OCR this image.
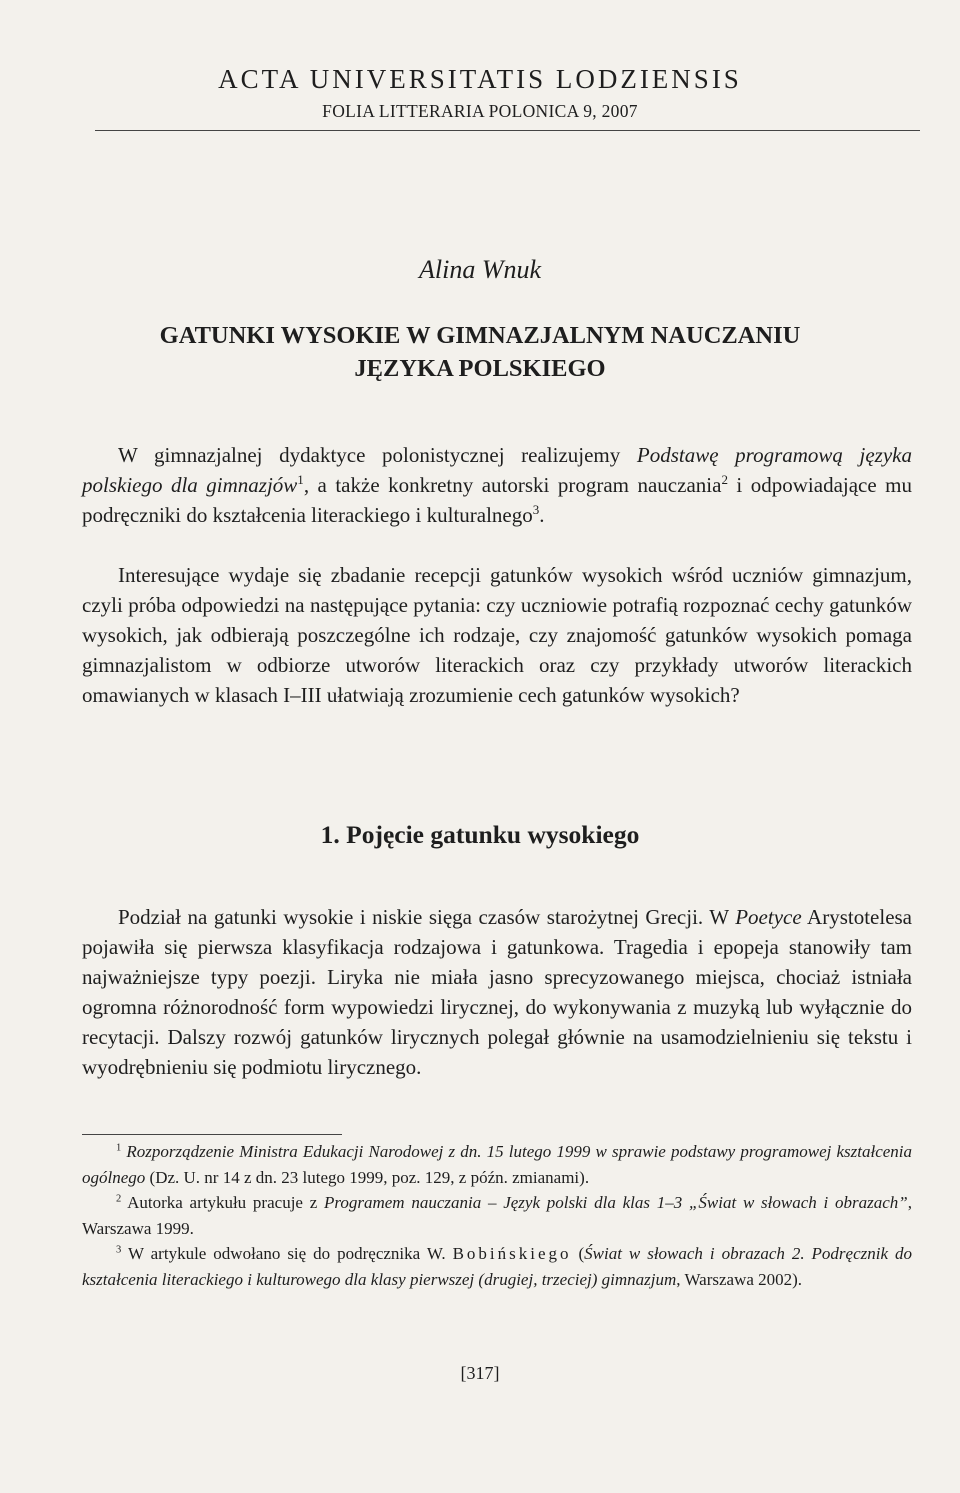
ACTA UNIVERSITATIS LODZIENSIS
FOLIA LITTERARIA POLONICA 9, 2007
Alina Wnuk
GATUNKI WYSOKIE W GIMNAZJALNYM NAUCZANIU
JĘZYKA POLSKIEGO

W gimnazjalnej dydaktyce polonistycznej realizujemy Podstawę programową języka polskiego dla gimnazjów$^1$, a także konkretny autorski program nauczania$^2$ i odpowiadające mu podręczniki do kształcenia literackiego i kulturalnego$^3$.

Interesujące wydaje się zbadanie recepcji gatunków wysokich wśród uczniów gimnazjum, czyli próba odpowiedzi na następujące pytania: czy uczniowie potrafią rozpoznać cechy gatunków wysokich, jak odbierają poszczególne ich rodzaje, czy znajomość gatunków wysokich pomaga gimnazjalistom w odbiorze utworów literackich oraz czy przykłady utworów literackich omawianych w klasach I–III ułatwiają zrozumienie cech gatunków wysokich?

1. Pojęcie gatunku wysokiego

Podział na gatunki wysokie i niskie sięga czasów starożytnej Grecji. W Poetyce Arystotelesa pojawiła się pierwsza klasyfikacja rodzajowa i gatunkowa. Tragedia i epopeja stanowiły tam najważniejsze typy poezji. Liryka nie miała jasno sprecyzowanego miejsca, chociaż istniała ogromna różnorodność form wypowiedzi lirycznej, do wykonywania z muzyką lub wyłącznie do recytacji. Dalszy rozwój gatunków lirycznych polegał głównie na usamodzielnieniu się tekstu i wyodrębnieniu się podmiotu lirycznego.

$^1$ Rozporządzenie Ministra Edukacji Narodowej z dn. 15 lutego 1999 w sprawie podstawy programowej kształcenia ogólnego (Dz. U. nr 14 z dn. 23 lutego 1999, poz. 129, z późn. zmianami).

$^2$ Autorka artykułu pracuje z Programem nauczania – Język polski dla klas 1–3 „Świat w słowach i obrazach”, Warszawa 1999.

$^3$ W artykule odwołano się do podręcznika W. Bobińskiego (Świat w słowach i obrazach 2. Podręcznik do kształcenia literackiego i kulturowego dla klasy pierwszej (drugiej, trzeciej) gimnazjum, Warszawa 2002).

[317]
